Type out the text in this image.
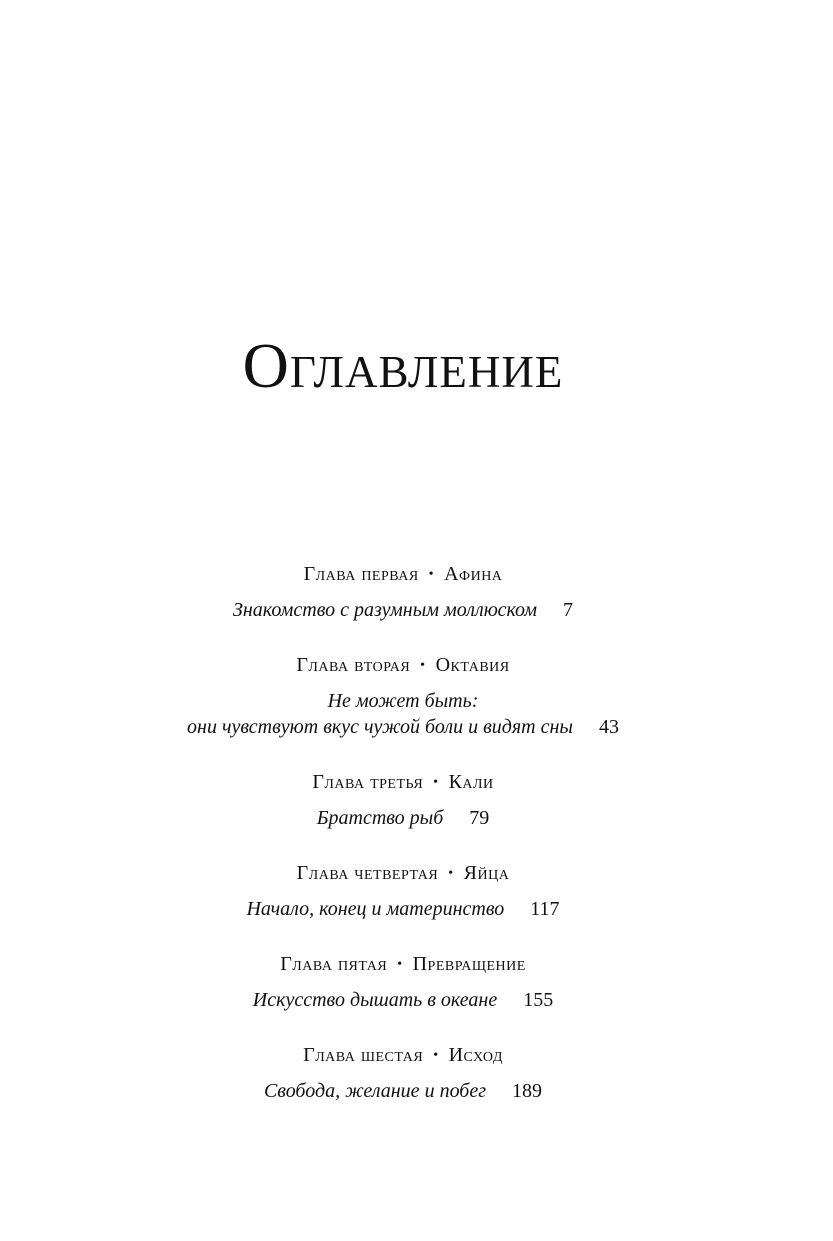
Оглавление
Глава первая • Афина
Знакомство с разумным моллюском 7
Глава вторая • Октавия
Не может быть:
они чувствуют вкус чужой боли и видят сны 43
Глава третья • Кали
Братство рыб 79
Глава четвертая • Яйца
Начало, конец и материнство 117
Глава пятая • Превращение
Искусство дышать в океане 155
Глава шестая • Исход
Свобода, желание и побег 189
